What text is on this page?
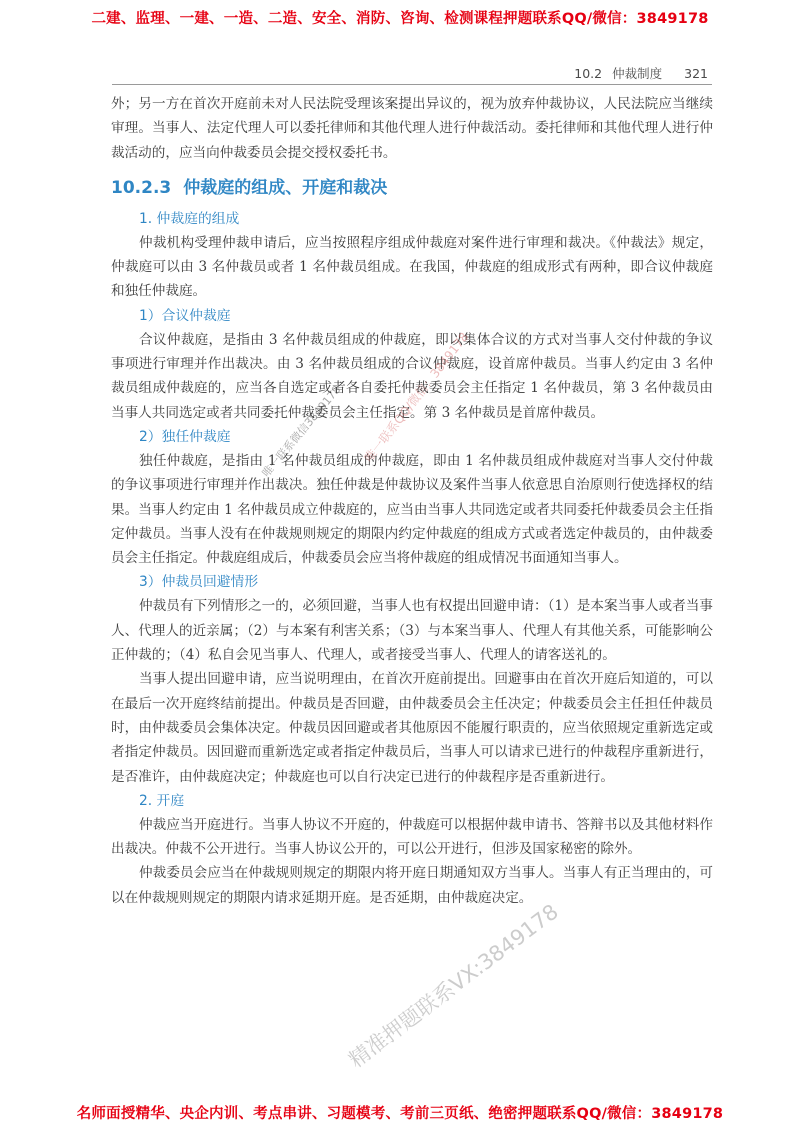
二建、监理、一建、一造、二造、安全、消防、咨询、检测课程押题联系QQ/微信：3849178
10.2 仲裁制度 321

外；另一方在首次开庭前未对人民法院受理该案提出异议的，视为放弃仲裁协议，人民法院应当继续审理。当事人、法定代理人可以委托律师和其他代理人进行仲裁活动。委托律师和其他代理人进行仲裁活动的，应当向仲裁委员会提交授权委托书。

10.2.3 仲裁庭的组成、开庭和裁决
1. 仲裁庭的组成

仲裁机构受理仲裁申请后，应当按照程序组成仲裁庭对案件进行审理和裁决。《仲裁法》规定，仲裁庭可以由 3 名仲裁员或者 1 名仲裁员组成。在我国，仲裁庭的组成形式有两种，即合议仲裁庭和独任仲裁庭。

1）合议仲裁庭

合议仲裁庭，是指由 3 名仲裁员组成的仲裁庭，即以集体合议的方式对当事人交付仲裁的争议事项进行审理并作出裁决。由 3 名仲裁员组成的合议仲裁庭，设首席仲裁员。当事人约定由 3 名仲裁员组成仲裁庭的，应当各自选定或者各自委托仲裁委员会主任指定 1 名仲裁员，第 3 名仲裁员由当事人共同选定或者共同委托仲裁委员会主任指定。第 3 名仲裁员是首席仲裁员。

2）独任仲裁庭

独任仲裁庭，是指由 1 名仲裁员组成的仲裁庭，即由 1 名仲裁员组成仲裁庭对当事人交付仲裁的争议事项进行审理并作出裁决。独任仲裁是仲裁协议及案件当事人依意思自治原则行使选择权的结果。当事人约定由 1 名仲裁员成立仲裁庭的，应当由当事人共同选定或者共同委托仲裁委员会主任指定仲裁员。当事人没有在仲裁规则规定的期限内约定仲裁庭的组成方式或者选定仲裁员的，由仲裁委员会主任指定。仲裁庭组成后，仲裁委员会应当将仲裁庭的组成情况书面通知当事人。

3）仲裁员回避情形

仲裁员有下列情形之一的，必须回避，当事人也有权提出回避申请：（1）是本案当事人或者当事人、代理人的近亲属；（2）与本案有利害关系；（3）与本案当事人、代理人有其他关系，可能影响公正仲裁的；（4）私自会见当事人、代理人，或者接受当事人、代理人的请客送礼的。

当事人提出回避申请，应当说明理由，在首次开庭前提出。回避事由在首次开庭后知道的，可以在最后一次开庭终结前提出。仲裁员是否回避，由仲裁委员会主任决定；仲裁委员会主任担任仲裁员时，由仲裁委员会集体决定。仲裁员因回避或者其他原因不能履行职责的，应当依照规定重新选定或者指定仲裁员。因回避而重新选定或者指定仲裁员后，当事人可以请求已进行的仲裁程序重新进行，是否准许，由仲裁庭决定；仲裁庭也可以自行决定已进行的仲裁程序是否重新进行。

2. 开庭

仲裁应当开庭进行。当事人协议不开庭的，仲裁庭可以根据仲裁申请书、答辩书以及其他材料作出裁决。仲裁不公开进行。当事人协议公开的，可以公开进行，但涉及国家秘密的除外。

仲裁委员会应当在仲裁规则规定的期限内将开庭日期通知双方当事人。当事人有正当理由的，可以在仲裁规则规定的期限内请求延期开庭。是否延期，由仲裁庭决定。

唯一联系QQ/微信：3849178
唯一联系微信3849178
精准押题联系VX:3849178
名师面授精华、央企内训、考点串讲、习题模考、考前三页纸、绝密押题联系QQ/微信：3849178
